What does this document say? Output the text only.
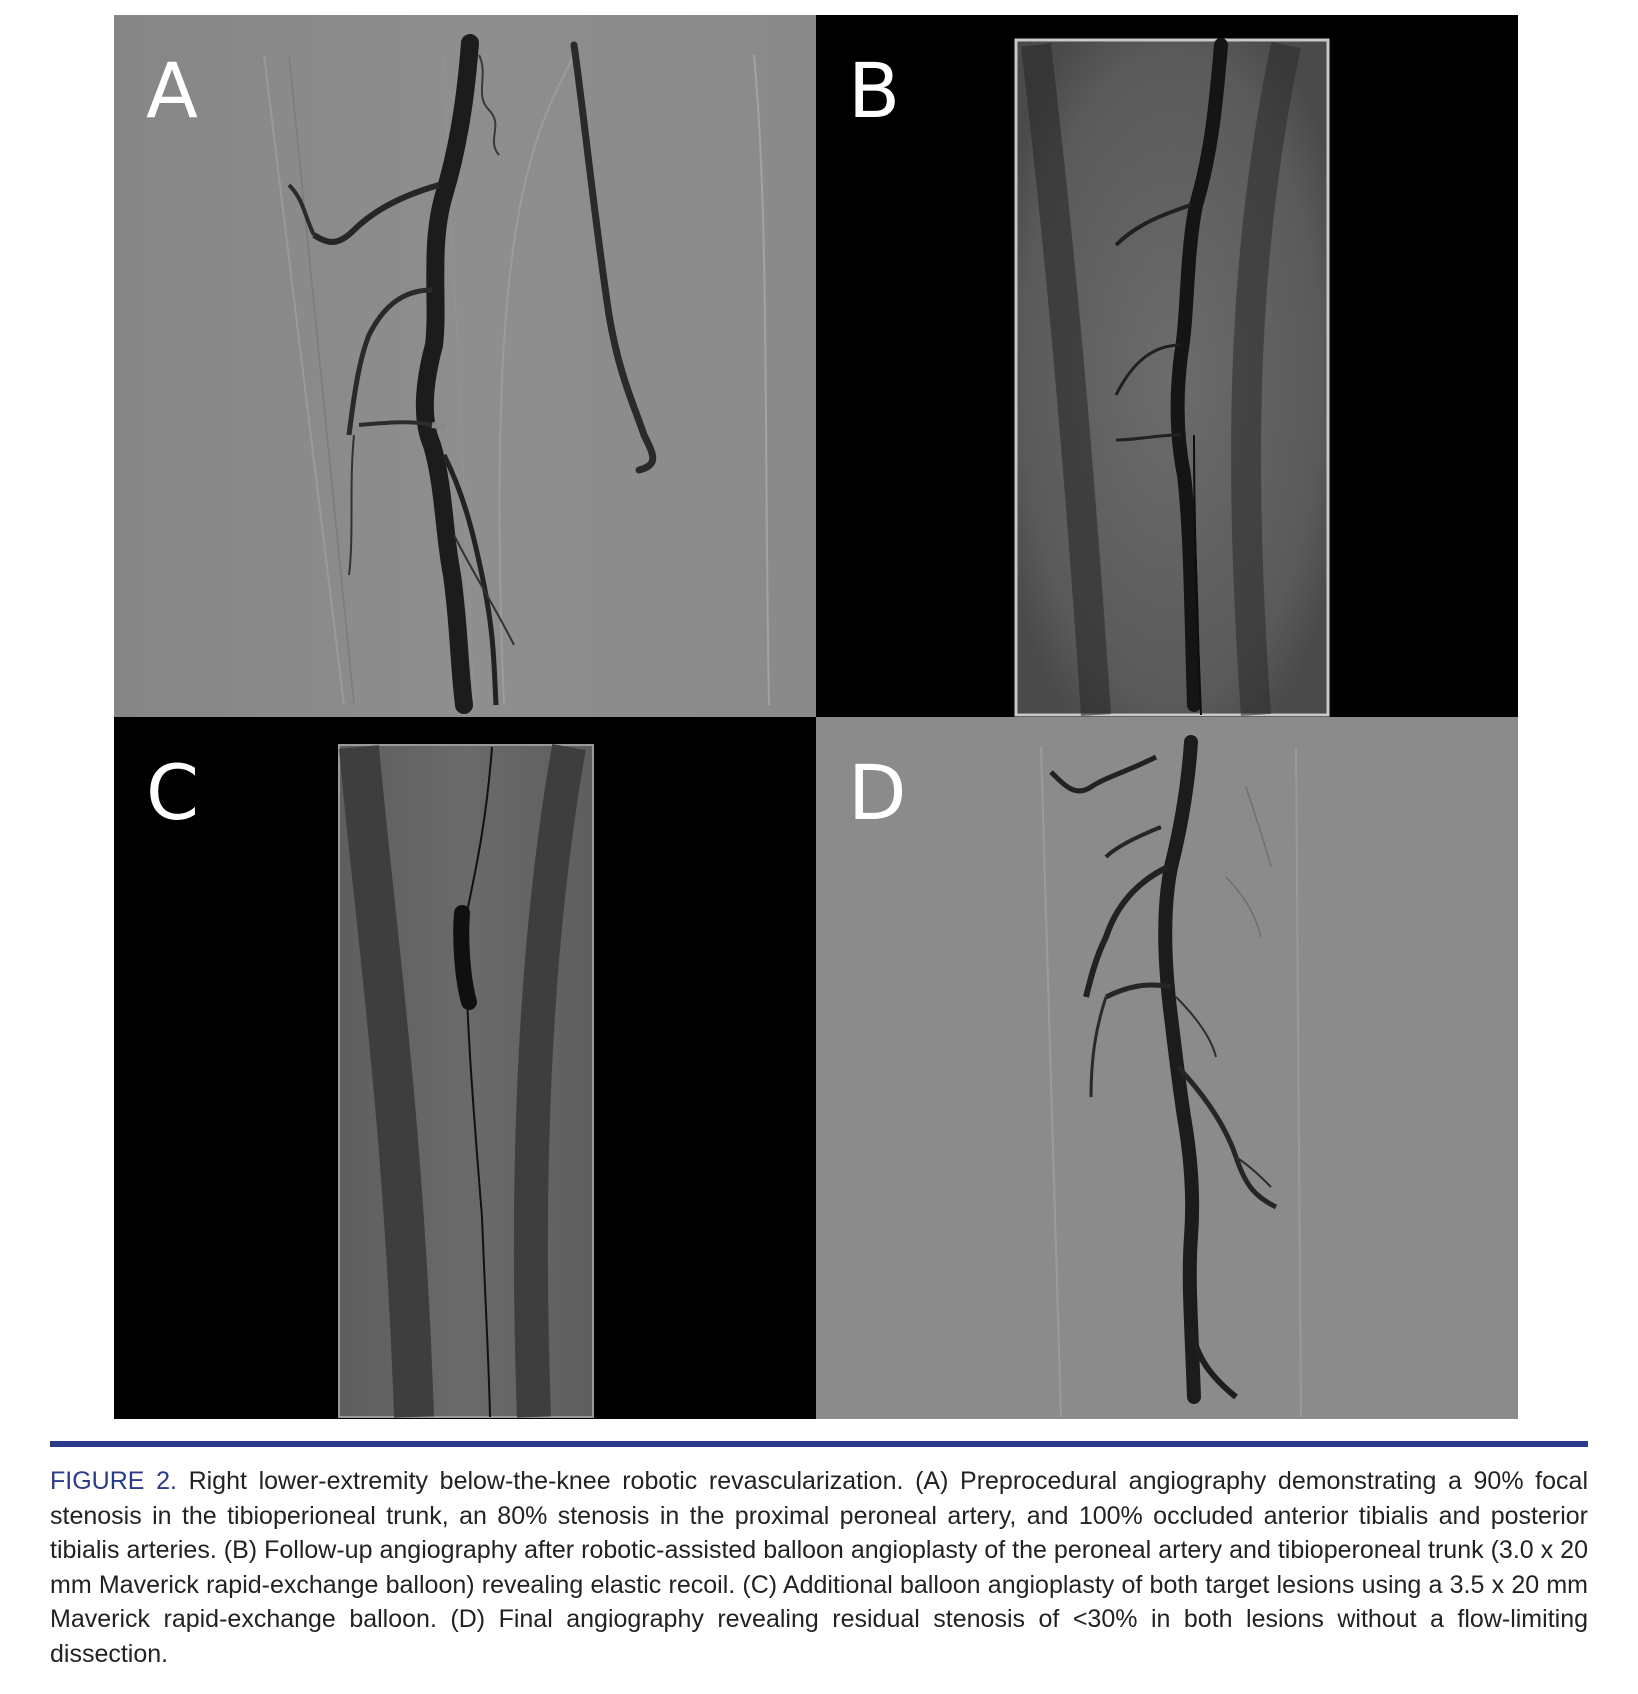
A	B
C	D

FIGURE 2. Right lower-extremity below-the-knee robotic revascularization. (A) Preprocedural angiography demonstrating a 90% focal stenosis in the tibioperioneal trunk, an 80% stenosis in the proximal peroneal artery, and 100% occluded anterior tibialis and posterior tibialis arteries. (B) Follow-up angiography after robotic-assisted balloon angioplasty of the peroneal artery and tibioperoneal trunk (3.0 x 20 mm Maverick rapid-exchange balloon) revealing elastic recoil. (C) Additional balloon angioplasty of both target lesions using a 3.5 x 20 mm Maverick rapid-exchange balloon. (D) Final angiography revealing residual stenosis of <30% in both lesions without a flow-limiting dissection.
